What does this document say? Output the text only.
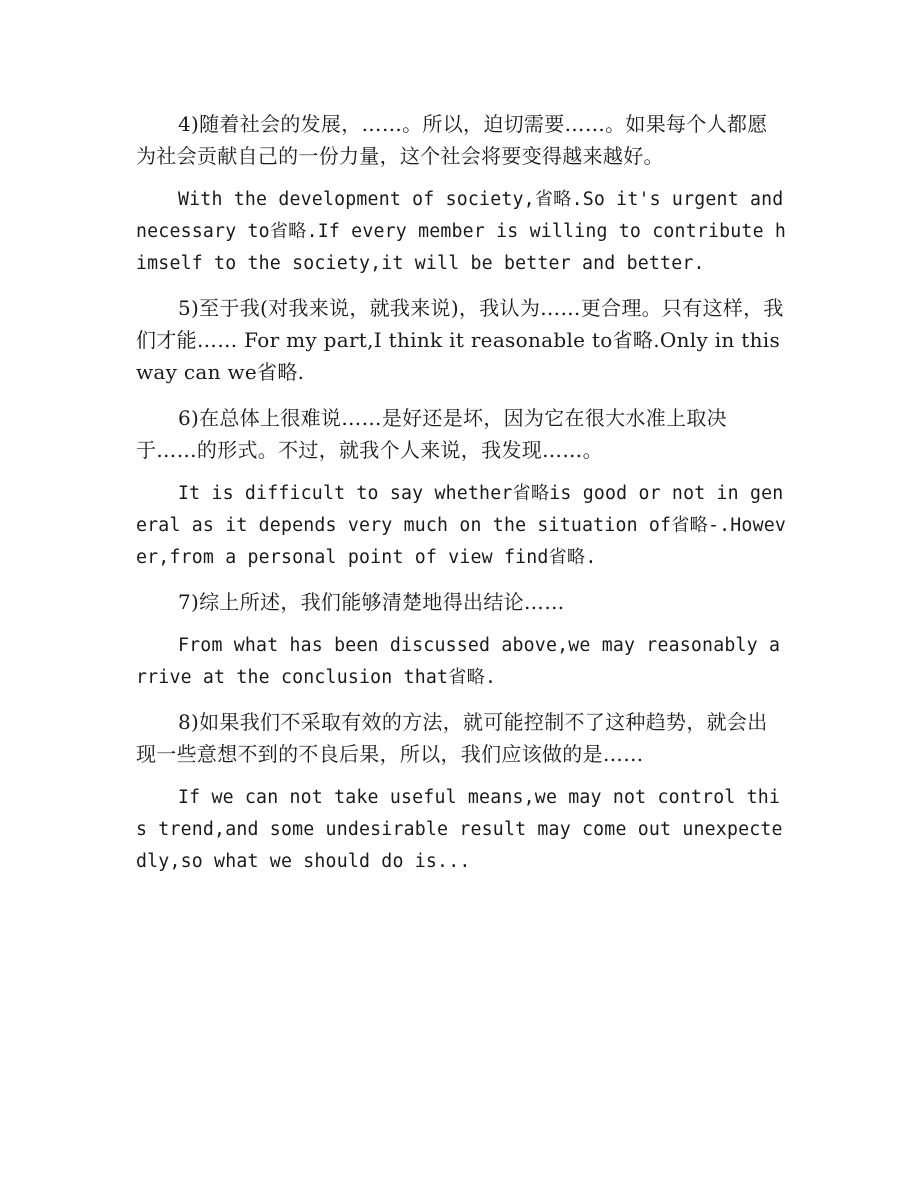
4)随着社会的发展，……。所以，迫切需要……。如果每个人都愿为社会贡献自己的一份力量，这个社会将要变得越来越好。

With the development of society,省略.So it's urgent and necessary to省略.If every member is willing to contribute himself to the society,it will be better and better.

5)至于我(对我来说，就我来说)，我认为……更合理。只有这样，我们才能…… For my part,I think it reasonable to省略.Only in this way can we省略.

6)在总体上很难说……是好还是坏，因为它在很大水准上取决于……的形式。不过，就我个人来说，我发现……。

It is difficult to say whether省略is good or not in general as it depends very much on the situation of省略-.However,from a personal point of view find省略.

7)综上所述，我们能够清楚地得出结论……

From what has been discussed above,we may reasonably arrive at the conclusion that省略.

8)如果我们不采取有效的方法，就可能控制不了这种趋势，就会出现一些意想不到的不良后果，所以，我们应该做的是……

If we can not take useful means,we may not control this trend,and some undesirable result may come out unexpectedly,so what we should do is...
